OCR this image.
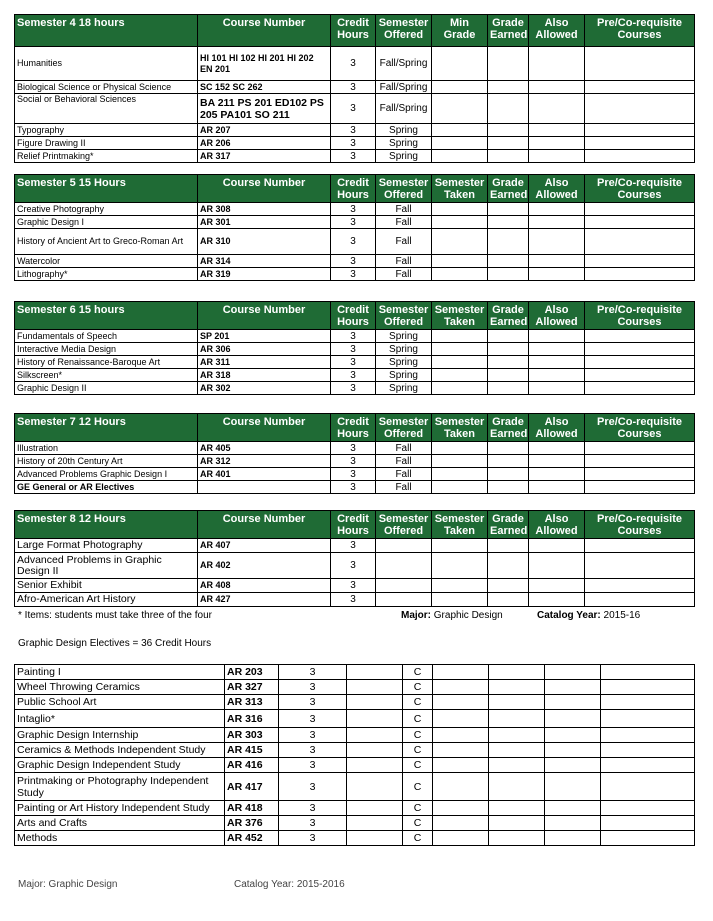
Semester 4 18 hours	Course Number	Credit Hours	Semester Offered	Min Grade	Grade Earned	Also Allowed	Pre/Co-requisite Courses
Humanities	HI 101 HI 102 HI 201 HI 202 EN 201	3	Fall/Spring				
Biological Science or Physical Science	SC 152 SC 262	3	Fall/Spring				
Social or Behavioral Sciences	BA 211 PS 201 ED102 PS 205 PA101 SO 211	3	Fall/Spring				
Typography	AR 207	3	Spring				
Figure Drawing II	AR 206	3	Spring				
Relief Printmaking*	AR 317	3	Spring				
Semester 5 15 Hours	Course Number	Credit Hours	Semester Offered	Semester Taken	Grade Earned	Also Allowed	Pre/Co-requisite Courses
Creative Photography	AR 308	3	Fall				
Graphic Design I	AR 301	3	Fall				
History of Ancient Art to Greco-Roman Art	AR 310	3	Fall				
Watercolor	AR 314	3	Fall				
Lithography*	AR 319	3	Fall				
Semester 6 15 hours	Course Number	Credit Hours	Semester Offered	Semester Taken	Grade Earned	Also Allowed	Pre/Co-requisite Courses
Fundamentals of Speech	SP 201	3	Spring				
Interactive Media Design	AR 306	3	Spring				
History of Renaissance-Baroque Art	AR 311	3	Spring				
Silkscreen*	AR 318	3	Spring				
Graphic Design II	AR 302	3	Spring				
Semester 7 12 Hours	Course Number	Credit Hours	Semester Offered	Semester Taken	Grade Earned	Also Allowed	Pre/Co-requisite Courses
Illustration	AR 405	3	Fall				
History of 20th Century Art	AR 312	3	Fall				
Advanced Problems Graphic Design I	AR 401	3	Fall				
GE General or AR Electives		3	Fall				
Semester 8 12 Hours	Course Number	Credit Hours	Semester Offered	Semester Taken	Grade Earned	Also Allowed	Pre/Co-requisite Courses
Large Format Photography	AR 407	3					
Advanced Problems in Graphic Design II	AR 402	3					
Senior Exhibit	AR 408	3					
Afro-American Art History	AR 427	3					
* Items: students must take three of the four	Major: Graphic Design	Catalog Year: 2015-16
Graphic Design Electives = 36 Credit Hours
Painting I	AR 203	3		C				
Wheel Throwing Ceramics	AR 327	3		C				
Public School Art	AR 313	3		C				
Intaglio*	AR 316	3		C				
Graphic Design Internship	AR 303	3		C				
Ceramics & Methods Independent Study	AR 415	3		C				
Graphic Design Independent Study	AR 416	3		C				
Printmaking or Photography Independent Study	AR 417	3		C				
Painting or Art History Independent Study	AR 418	3		C				
Arts and Crafts	AR 376	3		C				
Methods	AR 452	3		C				
Major: Graphic Design	Catalog Year: 2015-2016
